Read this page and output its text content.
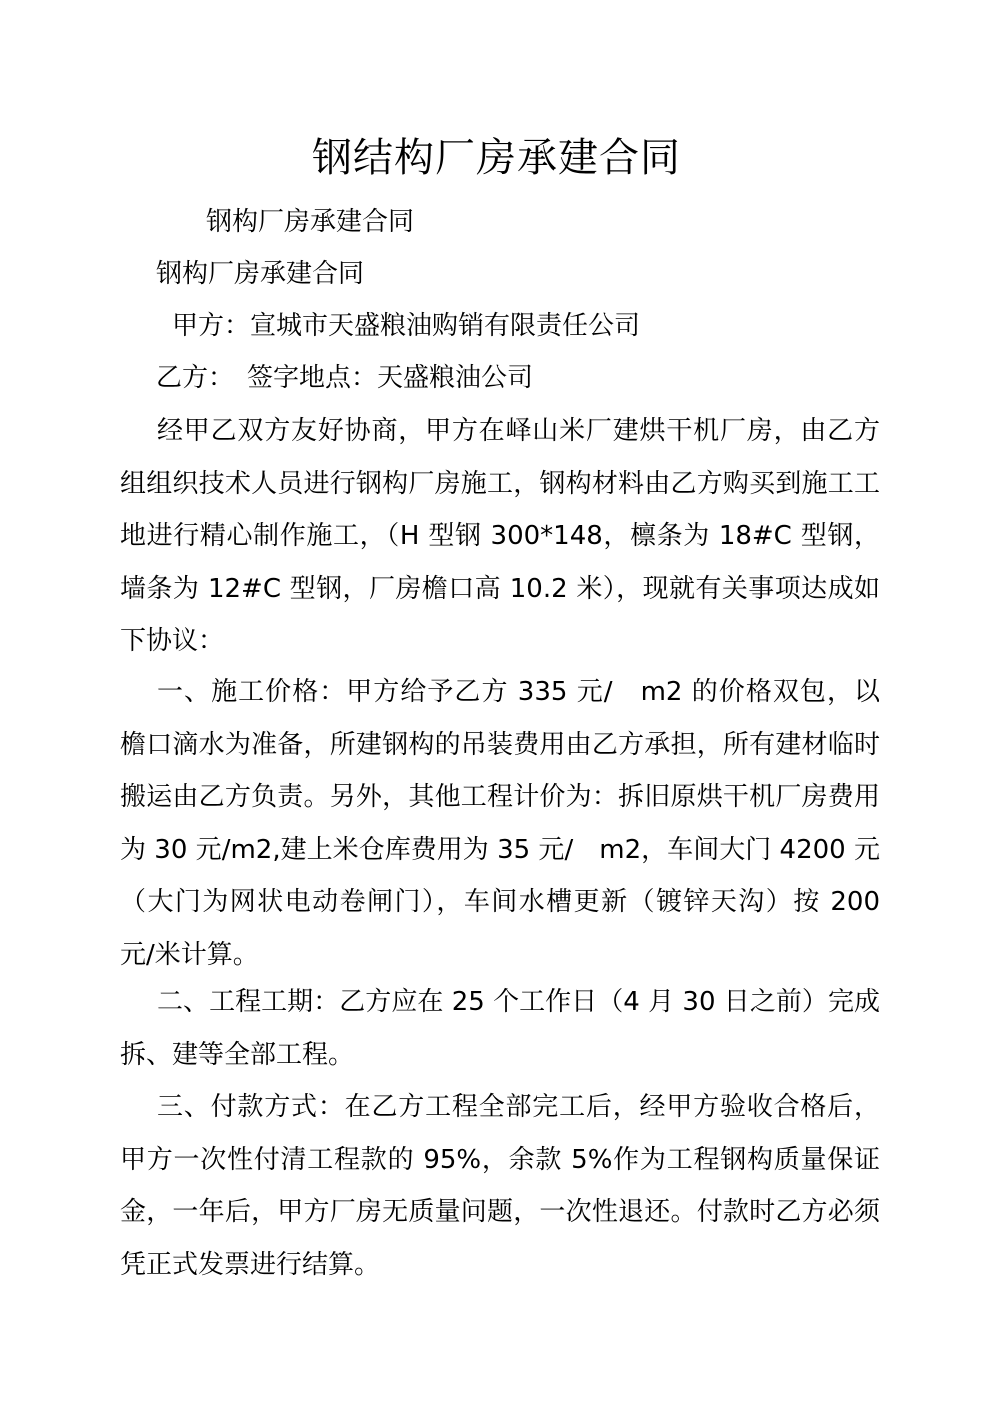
钢结构厂房承建合同

钢构厂房承建合同

钢构厂房承建合同

甲方：宣城市天盛粮油购销有限责任公司

乙方：　签字地点：天盛粮油公司

经甲乙双方友好协商，甲方在峄山米厂建烘干机厂房，由乙方组组织技术人员进行钢构厂房施工，钢构材料由乙方购买到施工工地进行精心制作施工，（H 型钢 300*148，檩条为 18#C 型钢，墙条为 12#C 型钢，厂房檐口高 10.2 米），现就有关事项达成如下协议：

一、施工价格：甲方给予乙方 335 元/　m2 的价格双包，以檐口滴水为准备，所建钢构的吊装费用由乙方承担，所有建材临时搬运由乙方负责。另外，其他工程计价为：拆旧原烘干机厂房费用为 30 元/m2,建上米仓库费用为 35 元/　m2，车间大门 4200 元（大门为网状电动卷闸门），车间水槽更新（镀锌天沟）按 200 元/米计算。

二、工程工期：乙方应在 25 个工作日（4 月 30 日之前）完成拆、建等全部工程。

三、付款方式：在乙方工程全部完工后，经甲方验收合格后，甲方一次性付清工程款的 95%，余款 5%作为工程钢构质量保证金，一年后，甲方厂房无质量问题，一次性退还。付款时乙方必须凭正式发票进行结算。
